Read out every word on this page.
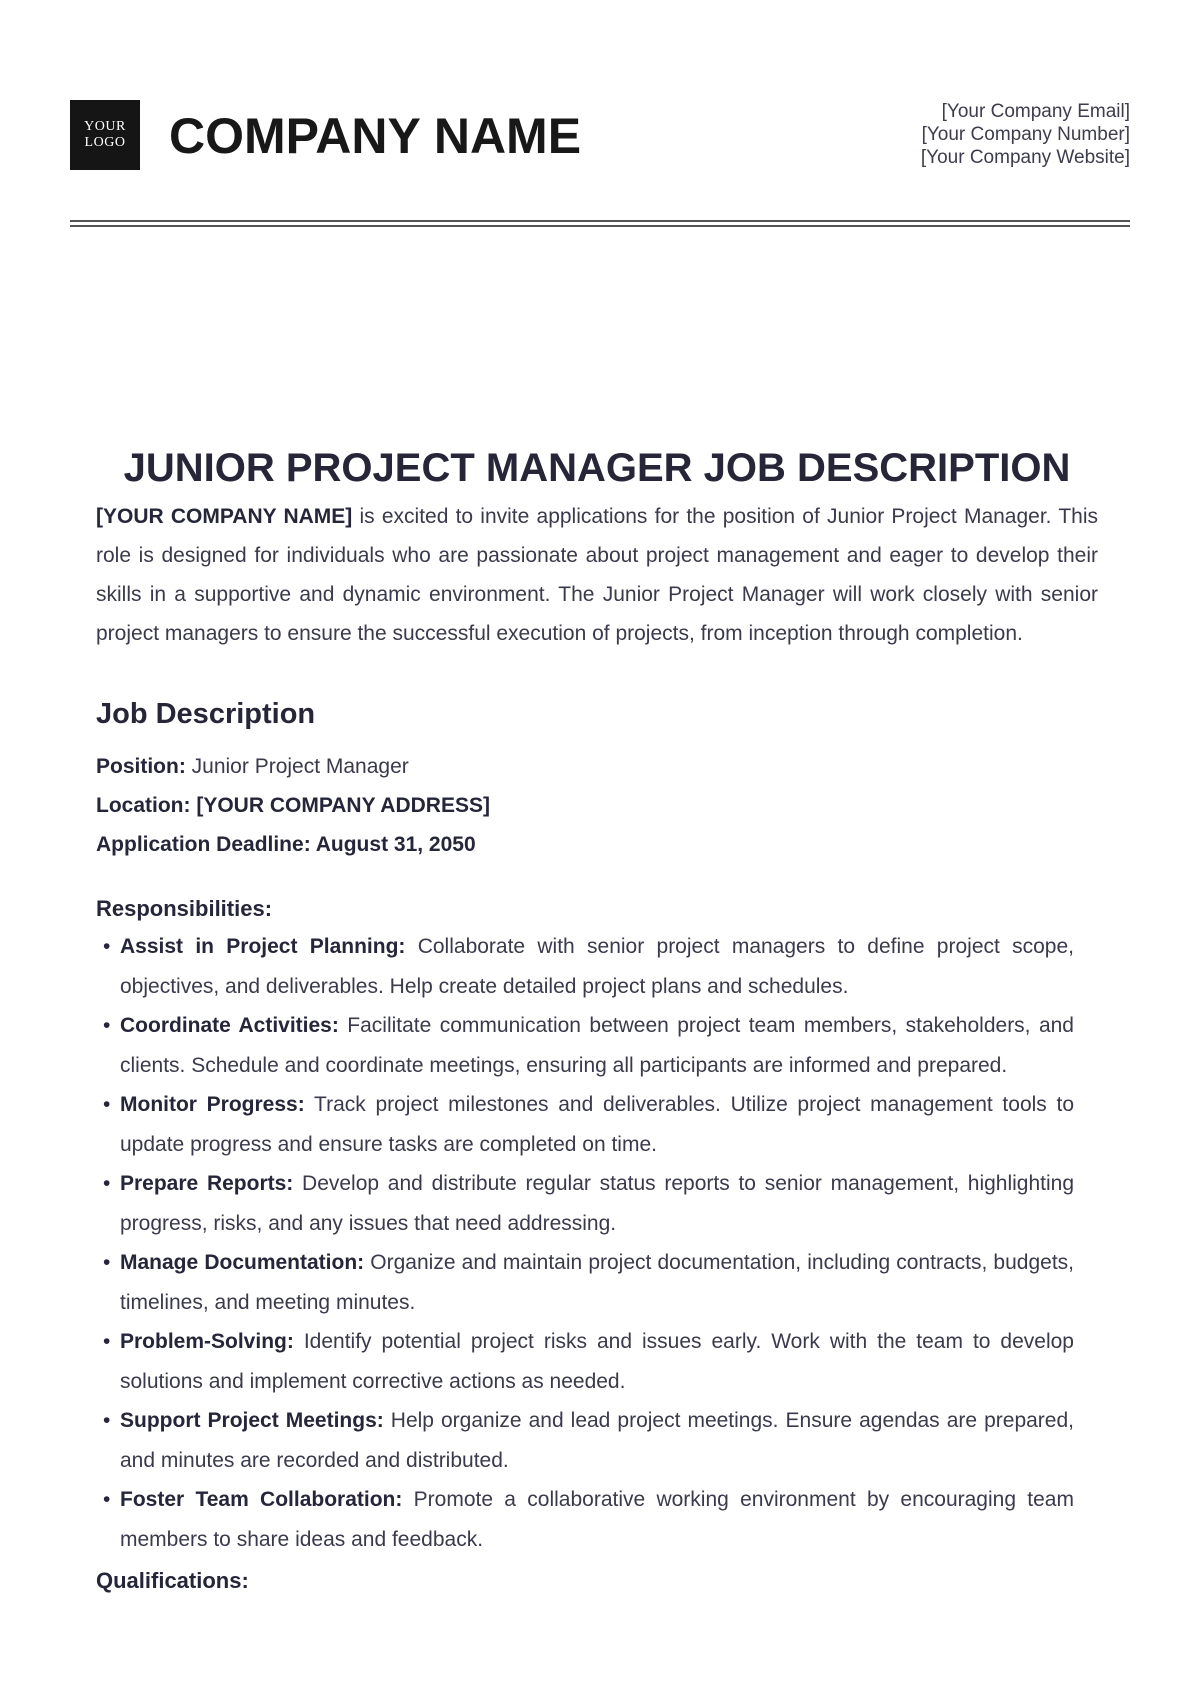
YOUR
LOGO COMPANY NAME	[Your Company Email]
[Your Company Number]
[Your Company Website]
JUNIOR PROJECT MANAGER JOB DESCRIPTION

[YOUR COMPANY NAME] is excited to invite applications for the position of Junior Project Manager. This role is designed for individuals who are passionate about project management and eager to develop their skills in a supportive and dynamic environment. The Junior Project Manager will work closely with senior project managers to ensure the successful execution of projects, from inception through completion.

Job Description
Position: Junior Project Manager
Location: [YOUR COMPANY ADDRESS]
Application Deadline: August 31, 2050
Responsibilities:
• Assist in Project Planning: Collaborate with senior project managers to define project scope, objectives, and deliverables. Help create detailed project plans and schedules.
• Coordinate Activities: Facilitate communication between project team members, stakeholders, and clients. Schedule and coordinate meetings, ensuring all participants are informed and prepared.
• Monitor Progress: Track project milestones and deliverables. Utilize project management tools to update progress and ensure tasks are completed on time.
• Prepare Reports: Develop and distribute regular status reports to senior management, highlighting progress, risks, and any issues that need addressing.
• Manage Documentation: Organize and maintain project documentation, including contracts, budgets, timelines, and meeting minutes.
• Problem-Solving: Identify potential project risks and issues early. Work with the team to develop solutions and implement corrective actions as needed.
• Support Project Meetings: Help organize and lead project meetings. Ensure agendas are prepared, and minutes are recorded and distributed.
• Foster Team Collaboration: Promote a collaborative working environment by encouraging team members to share ideas and feedback.
Qualifications:
